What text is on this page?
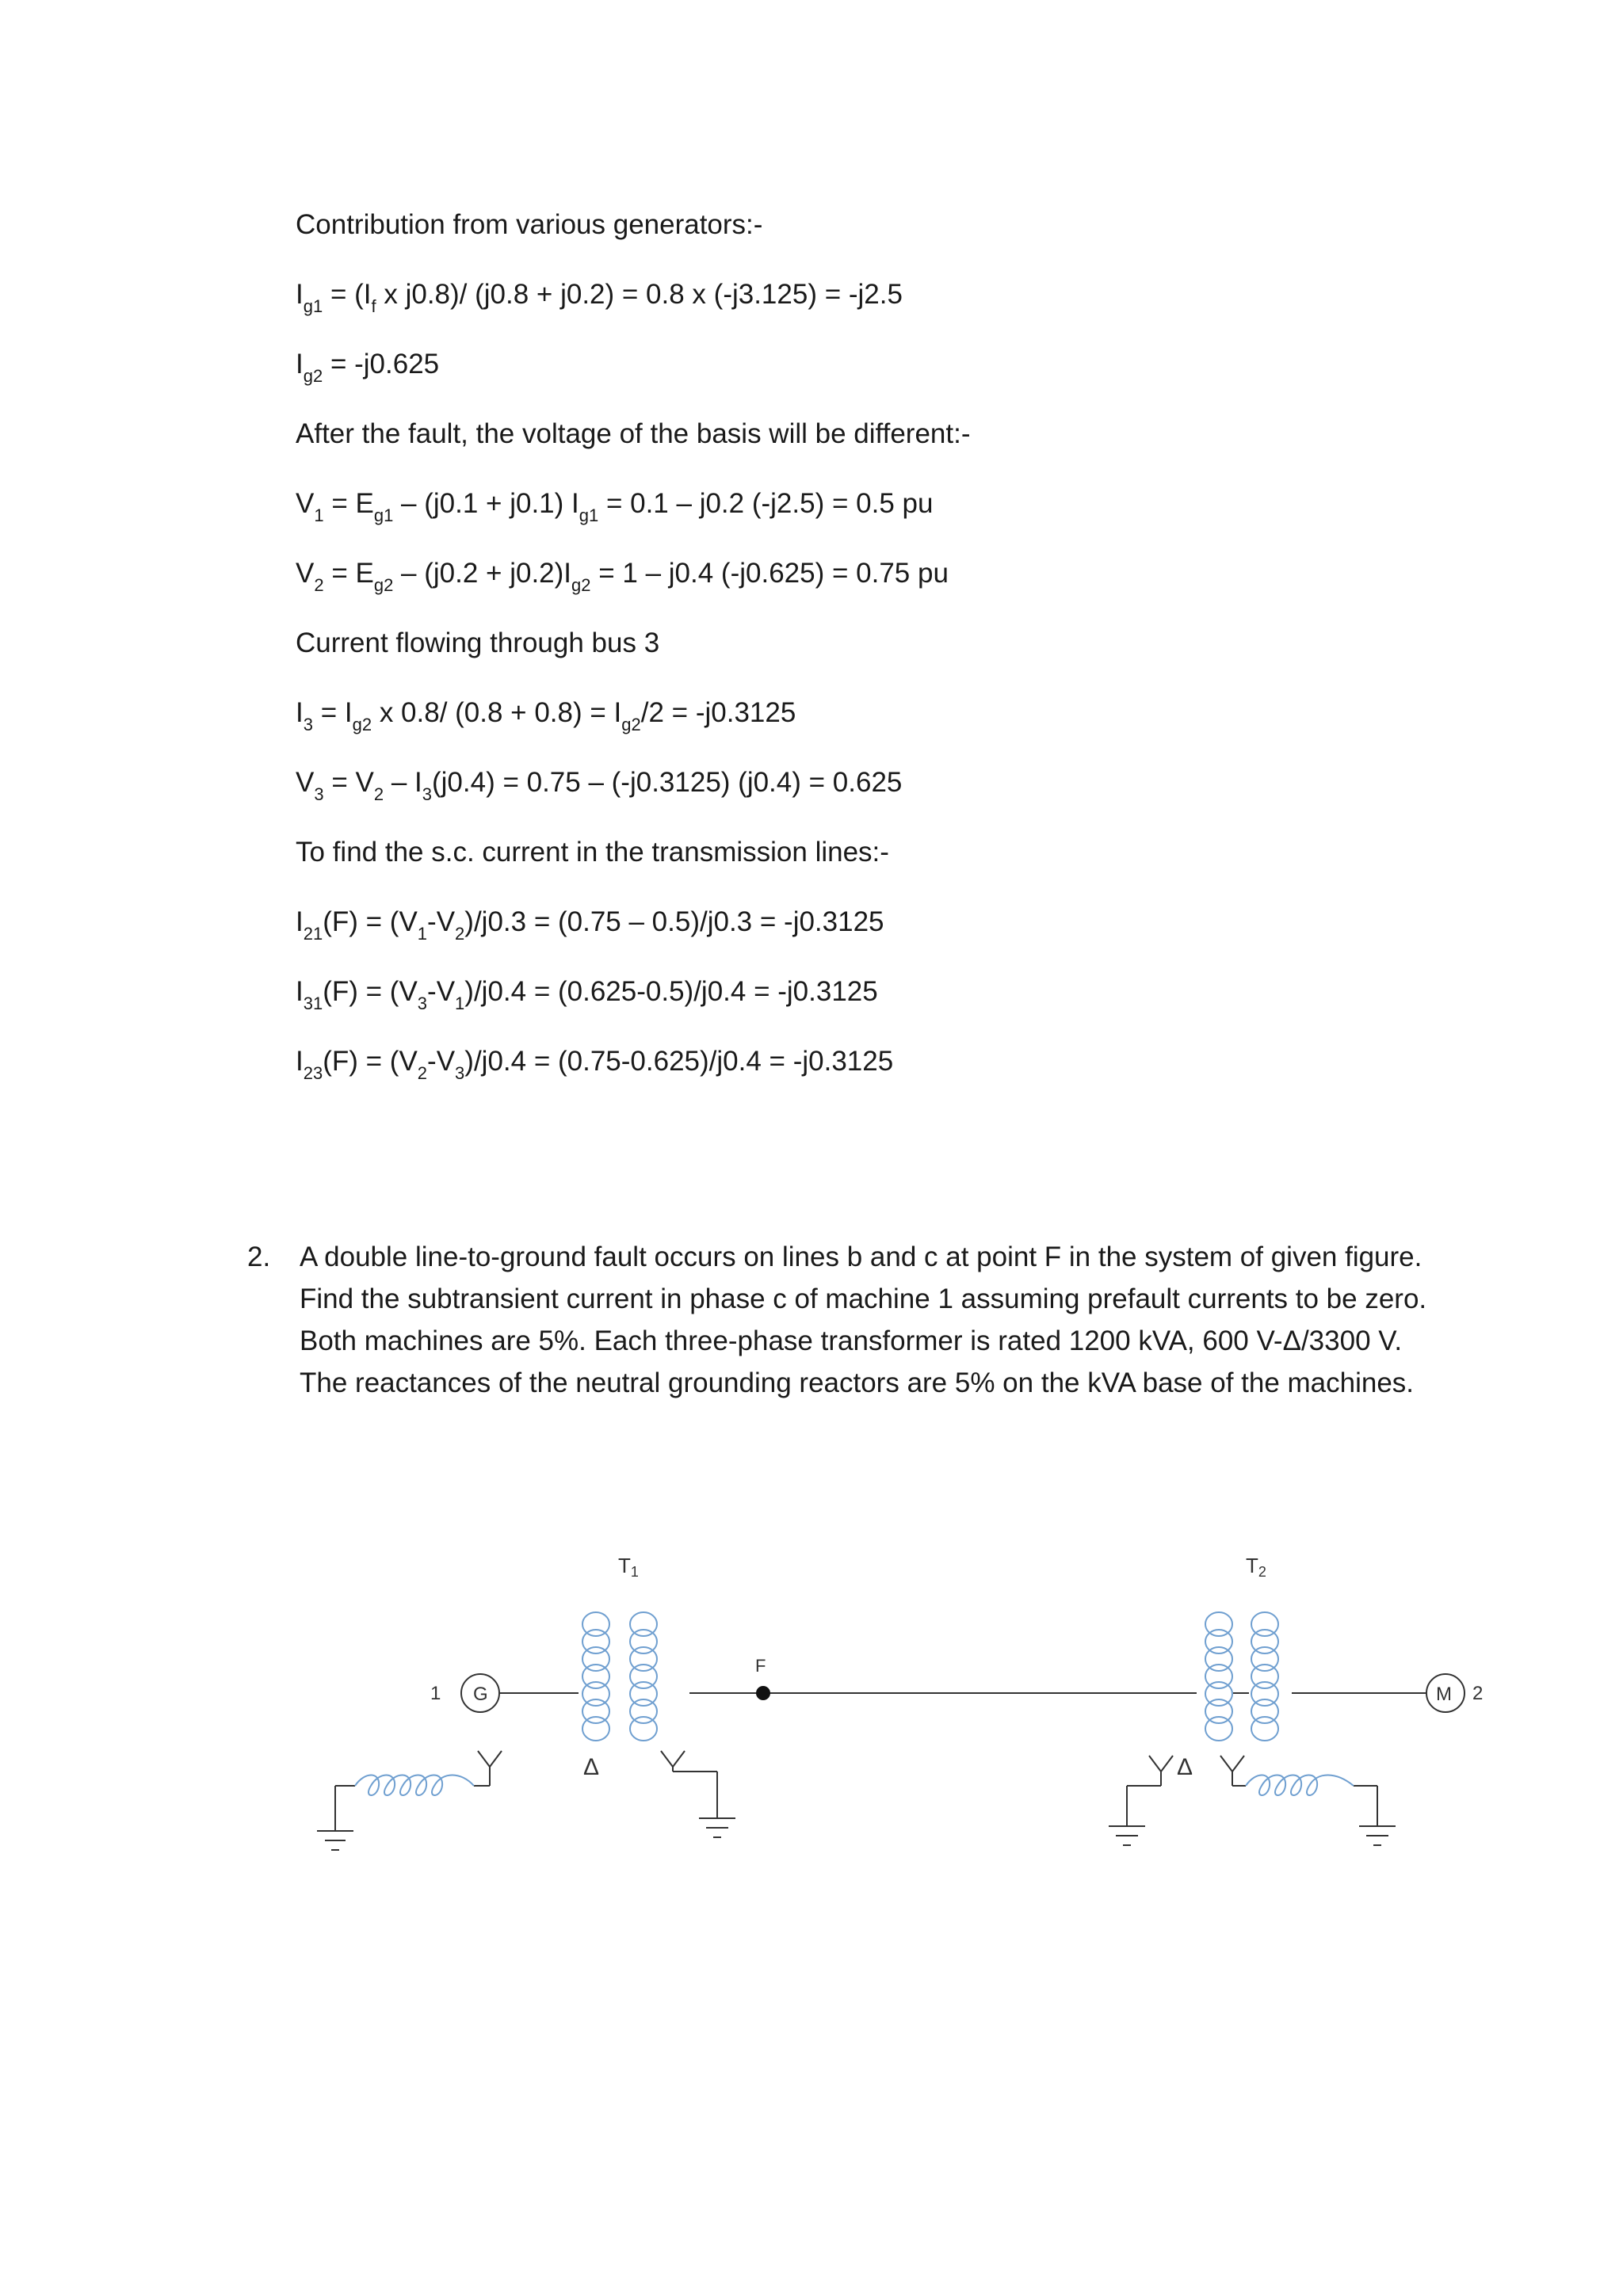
Contribution from various generators:-
$I_{g1} = (I_f$ x j0.8)/ (j0.8 + j0.2) = 0.8 x (-j3.125) = -j2.5
$I_{g2} = -j0.625$
After the fault, the voltage of the basis will be different:-
$V_1 = E_{g1} - (j0.1 + j0.1) I_{g1} = 0.1 - j0.2$ (-j2.5) = 0.5 pu
$V_2 = E_{g2} - (j0.2 + j0.2)I_{g2} = 1 - j0.4$ (-j0.625) = 0.75 pu
Current flowing through bus 3
$I_3 = I_{g2}$ x 0.8/ $(0.8 + 0.8) = I_{g2}/2 = -j0.3125$
$V_3 = V_2 - I_3(j0.4) = 0.75 - (-j0.3125) (j0.4) = 0.625$
To find the s.c. current in the transmission lines:-
$I_{21}(F) = (V_1-V_2)/j0.3 = (0.75 - 0.5)/j0.3 = -j0.3125$
$I_{31}(F) = (V_3-V_1)/j0.4 = (0.625-0.5)/j0.4 = -j0.3125$
$I_{23}(F) = (V_2-V_3)/j0.4 = (0.75-0.625)/j0.4 = -j0.3125$
2. A double line-to-ground fault occurs on lines b and c at point F in the system of given figure.
Find the subtransient current in phase c of machine 1 assuming prefault currents to be zero.
Both machines are 5%. Each three-phase transformer is rated 1200 kVA, 600 V-Δ/3300 V.
The reactances of the neutral grounding reactors are 5% on the kVA base of the machines.
T1	T2
F
1 G	M 2
Δ	Δ
